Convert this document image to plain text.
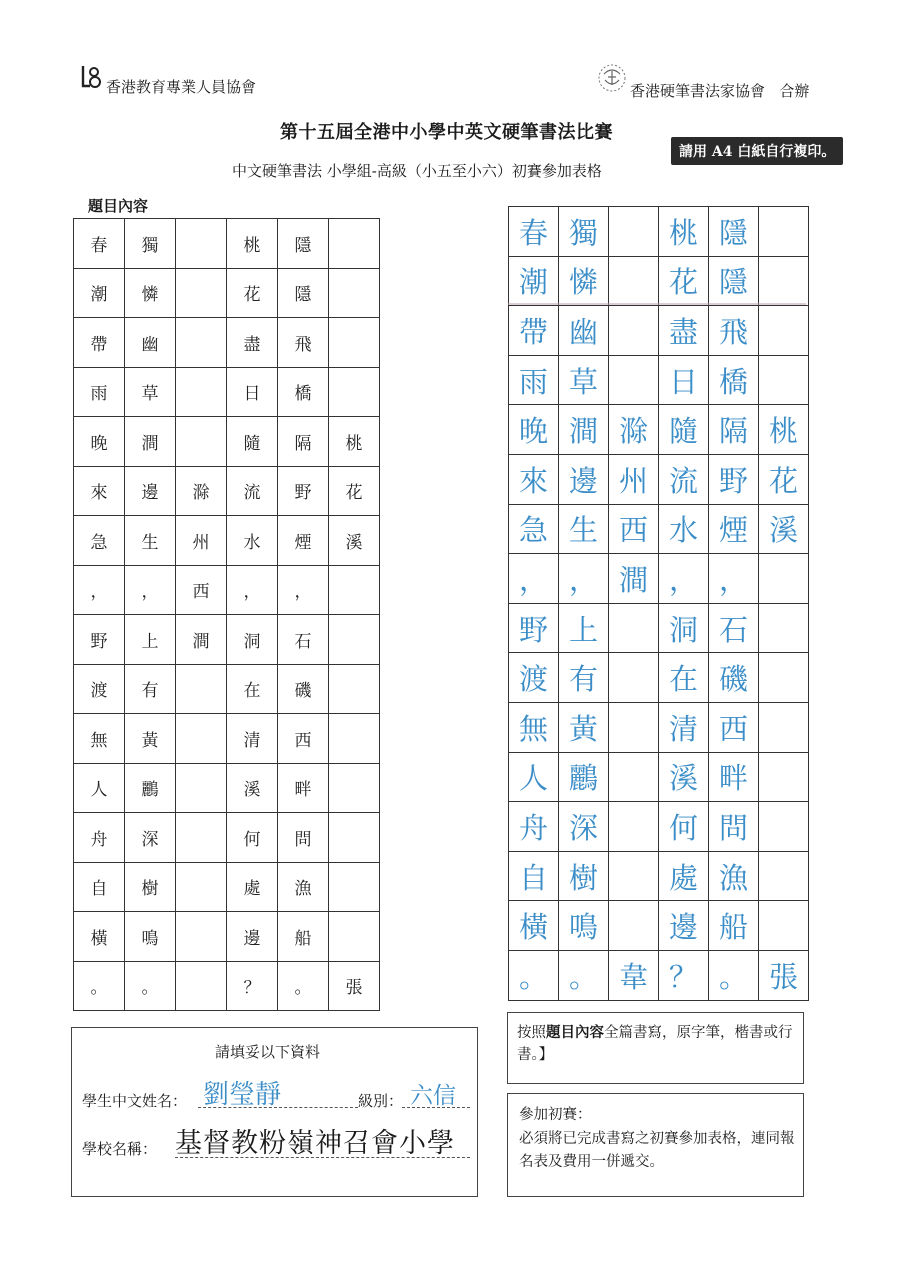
香港教育專業人員協會	香港硬筆書法家協會 合辦
第十五屆全港中小學中英文硬筆書法比賽
請用 A4 白紙自行複印。
中文硬筆書法 小學組-高級（小五至小六）初賽參加表格
題目內容
春	獨		桃	隱	
潮	憐		花	隱	
帶	幽		盡	飛	
雨	草		日	橋	
晚	澗		隨	隔	桃
來	邊	滁	流	野	花
急	生	州	水	煙	溪
，	，	西	，	，	
野	上	澗	洞	石	
渡	有		在	磯	
無	黃		清	西	
人	鸝		溪	畔	
舟	深		何	問	
自	樹		處	漁	
橫	鳴		邊	船	
。	。		？	。	張
春	獨		桃	隱	
潮	憐		花	隱	
帶	幽		盡	飛	
雨	草		日	橋	
晚	澗	滁	隨	隔	桃
來	邊	州	流	野	花
急	生	西	水	煙	溪
，	，	澗	，	，	
野	上		洞	石	
渡	有		在	磯	
無	黃		清	西	
人	鸝		溪	畔	
舟	深		何	問	
自	樹		處	漁	
橫	鳴		邊	船	
。	。	韋	？	。	張
請填妥以下資料
學生中文姓名： 劉瑩靜	級別： 六信
學校名稱： 基督教粉嶺神召會小學
按照題目內容全篇書寫，原字筆，楷書或行書。】
參加初賽：
必須將已完成書寫之初賽參加表格，連同報名表及費用一併遞交。
